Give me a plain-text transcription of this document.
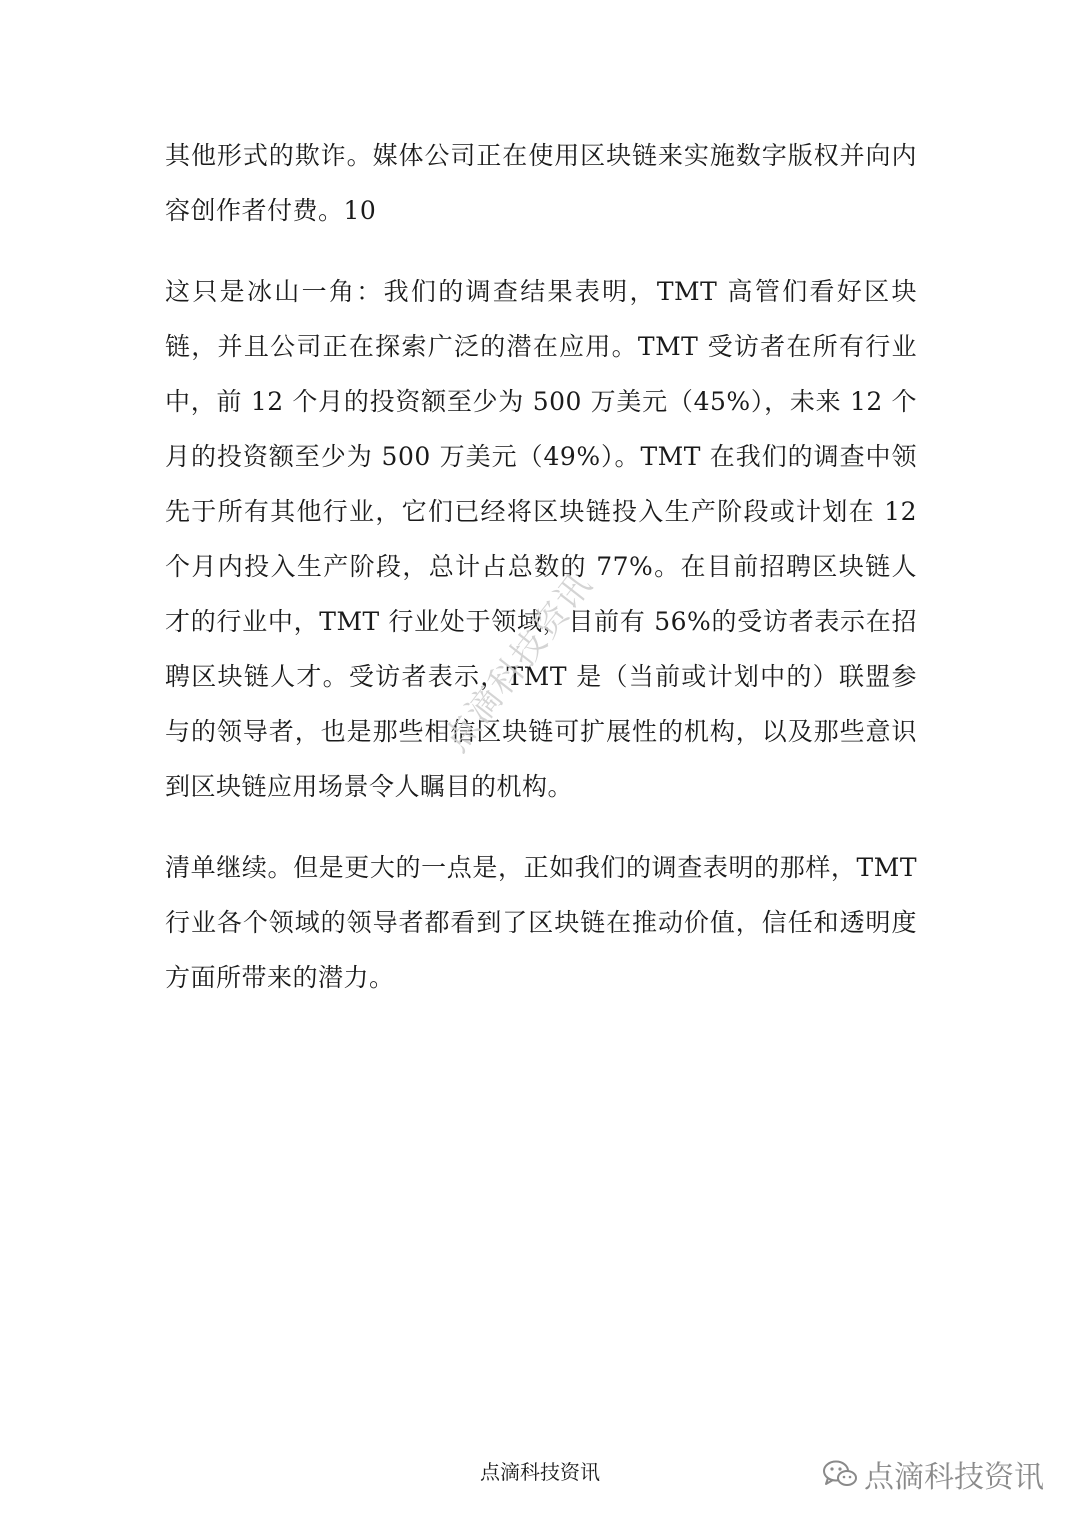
其他形式的欺诈。媒体公司正在使用区块链来实施数字版权并向内容创作者付费。10

这只是冰山一角：我们的调查结果表明，TMT 高管们看好区块链，并且公司正在探索广泛的潜在应用。TMT 受访者在所有行业中，前 12 个月的投资额至少为 500 万美元（45%），未来 12 个月的投资额至少为 500 万美元（49%）。TMT 在我们的调查中领先于所有其他行业，它们已经将区块链投入生产阶段或计划在 12 个月内投入生产阶段，总计占总数的 77%。在目前招聘区块链人才的行业中，TMT 行业处于领域，目前有 56%的受访者表示在招聘区块链人才。受访者表示，TMT 是（当前或计划中的）联盟参与的领导者，也是那些相信区块链可扩展性的机构，以及那些意识到区块链应用场景令人瞩目的机构。

清单继续。但是更大的一点是，正如我们的调查表明的那样，TMT 行业各个领域的领导者都看到了区块链在推动价值，信任和透明度方面所带来的潜力。

点滴科技资讯
点滴科技资讯	点滴科技资讯
